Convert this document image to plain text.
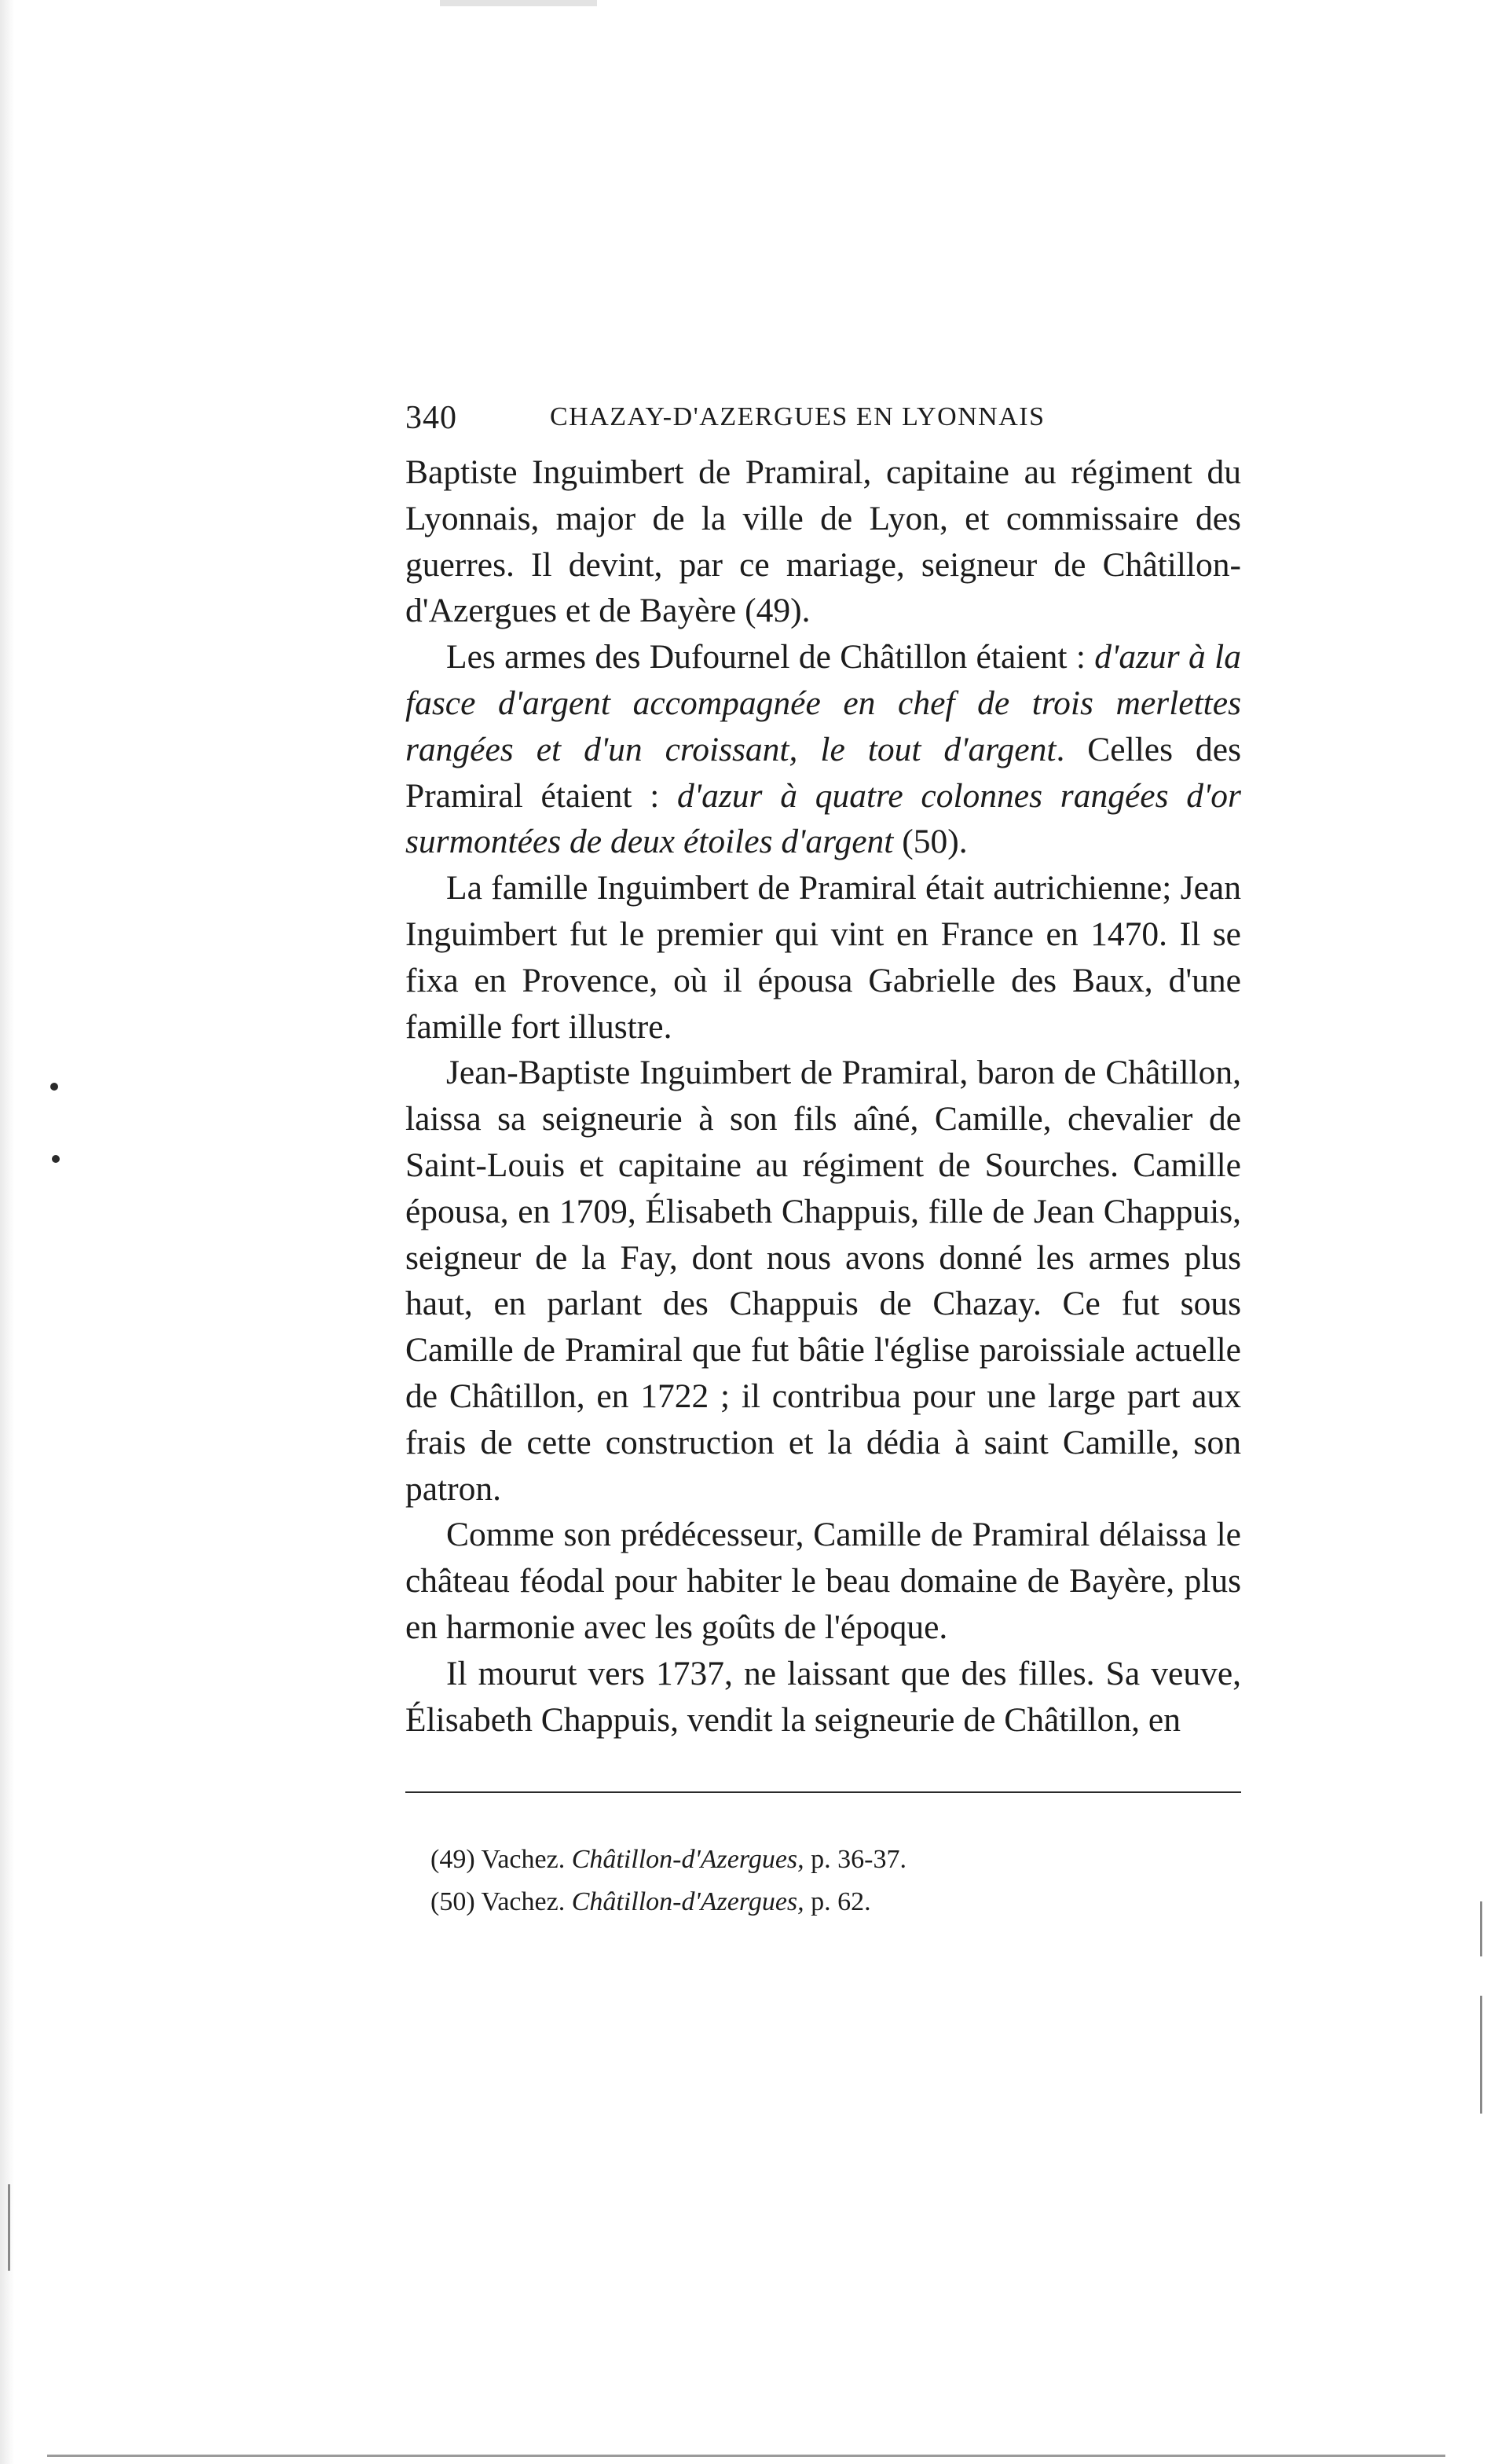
340	CHAZAY-D'AZERGUES EN LYONNAIS

Baptiste Inguimbert de Pramiral, capitaine au régiment du Lyonnais, major de la ville de Lyon, et commissaire des guerres. Il devint, par ce mariage, seigneur de Châtillon-d'Azergues et de Bayère (49).

Les armes des Dufournel de Châtillon étaient : d'azur à la fasce d'argent accompagnée en chef de trois merlettes rangées et d'un croissant, le tout d'argent. Celles des Pramiral étaient : d'azur à quatre colonnes rangées d'or surmontées de deux étoiles d'argent (50).

La famille Inguimbert de Pramiral était autrichienne; Jean Inguimbert fut le premier qui vint en France en 1470. Il se fixa en Provence, où il épousa Gabrielle des Baux, d'une famille fort illustre.

Jean-Baptiste Inguimbert de Pramiral, baron de Châtillon, laissa sa seigneurie à son fils aîné, Camille, chevalier de Saint-Louis et capitaine au régiment de Sourches. Camille épousa, en 1709, Élisabeth Chappuis, fille de Jean Chappuis, seigneur de la Fay, dont nous avons donné les armes plus haut, en parlant des Chappuis de Chazay. Ce fut sous Camille de Pramiral que fut bâtie l'église paroissiale actuelle de Châtillon, en 1722 ; il contribua pour une large part aux frais de cette construction et la dédia à saint Camille, son patron.

Comme son prédécesseur, Camille de Pramiral délaissa le château féodal pour habiter le beau domaine de Bayère, plus en harmonie avec les goûts de l'époque.

Il mourut vers 1737, ne laissant que des filles. Sa veuve, Élisabeth Chappuis, vendit la seigneurie de Châtillon, en

(49) Vachez. Châtillon-d'Azergues, p. 36-37.

(50) Vachez. Châtillon-d'Azergues, p. 62.
